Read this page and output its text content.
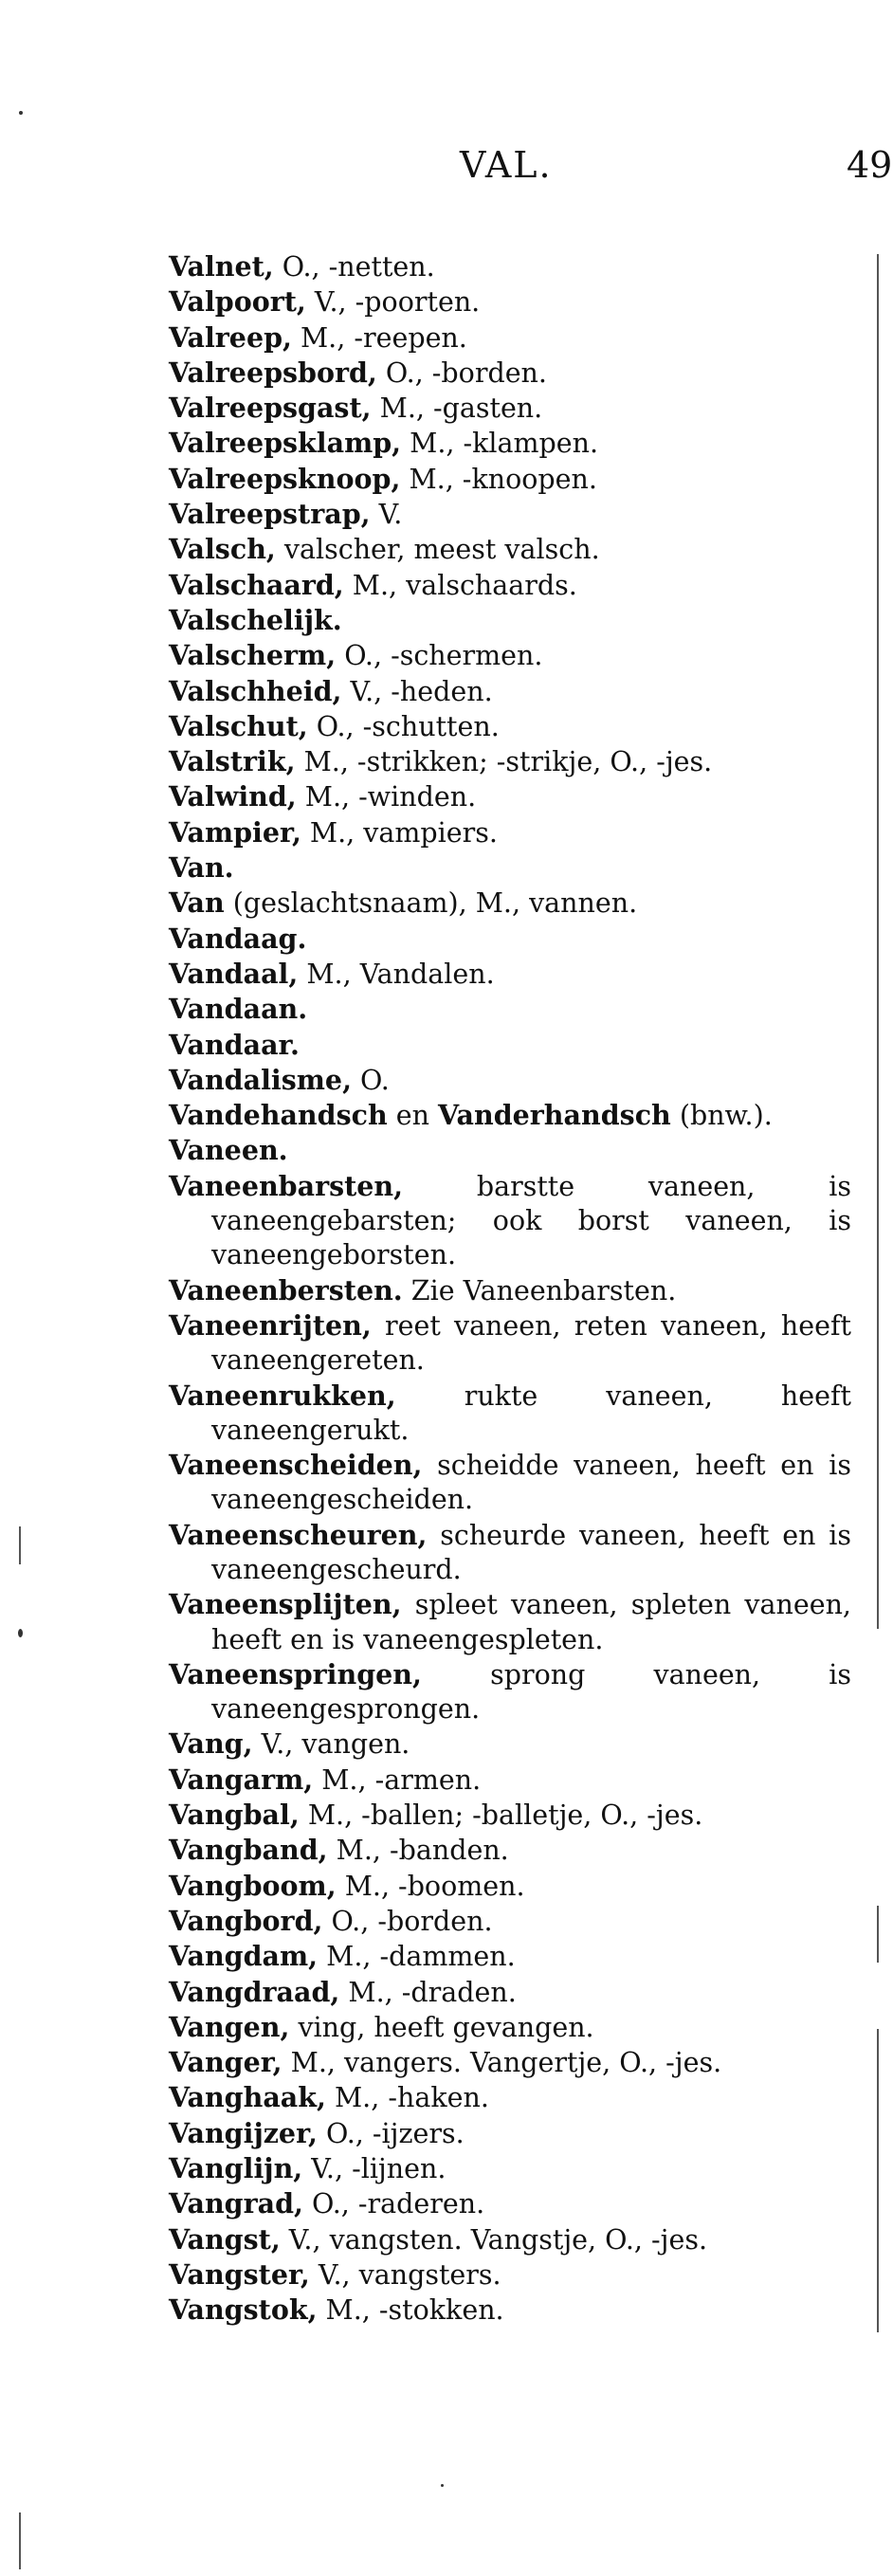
VAL.	49
Valnet, O., -netten.
Valpoort, V., -poorten.
Valreep, M., -reepen.
Valreepsbord, O., -borden.
Valreepsgast, M., -gasten.
Valreepsklamp, M., -klampen.
Valreepsknoop, M., -knoopen.
Valreepstrap, V.
Valsch, valscher, meest valsch.
Valschaard, M., valschaards.
Valschelijk.
Valscherm, O., -schermen.
Valschheid, V., -heden.
Valschut, O., -schutten.
Valstrik, M., -strikken; -strikje, O., -jes.
Valwind, M., -winden.
Vampier, M., vampiers.
Van.
Van (geslachtsnaam), M., vannen.
Vandaag.
Vandaal, M., Vandalen.
Vandaan.
Vandaar.
Vandalisme, O.
Vandehandsch en Vanderhandsch (bnw.).
Vaneen.
Vaneenbarsten, barstte vaneen, is vaneengebarsten; ook borst vaneen, is vaneengeborsten.
Vaneenbersten. Zie Vaneenbarsten.
Vaneenrijten, reet vaneen, reten vaneen, heeft vaneengereten.
Vaneenrukken, rukte vaneen, heeft vaneengerukt.
Vaneenscheiden, scheidde vaneen, heeft en is vaneengescheiden.
Vaneenscheuren, scheurde vaneen, heeft en is vaneengescheurd.
Vaneensplijten, spleet vaneen, spleten vaneen, heeft en is vaneengespleten.
Vaneenspringen, sprong vaneen, is vaneengesprongen.
Vang, V., vangen.
Vangarm, M., -armen.
Vangbal, M., -ballen; -balletje, O., -jes.
Vangband, M., -banden.
Vangboom, M., -boomen.
Vangbord, O., -borden.
Vangdam, M., -dammen.
Vangdraad, M., -draden.
Vangen, ving, heeft gevangen.
Vanger, M., vangers. Vangertje, O., -jes.
Vanghaak, M., -haken.
Vangijzer, O., -ijzers.
Vanglijn, V., -lijnen.
Vangrad, O., -raderen.
Vangst, V., vangsten. Vangstje, O., -jes.
Vangster, V., vangsters.
Vangstok, M., -stokken.
